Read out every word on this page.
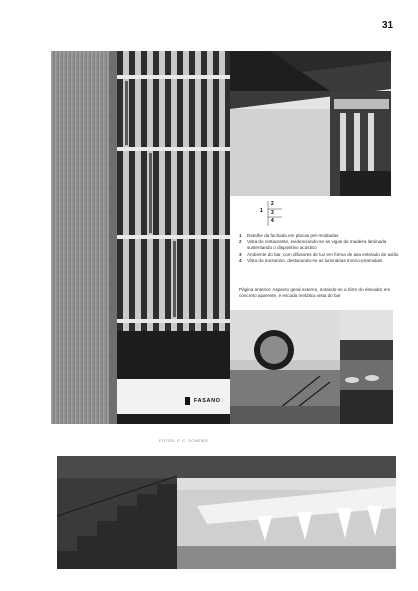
31
FASANO
1
2
3
4
1	Detalhe da fachada em placas pré-moldadas
2	Vista do restaurante, evidenciando-se as vigas de madeira laminada sustentando o dispositivo acústico
3	Ambiente do bar, com difusores de luz em forma de asa entelado de avião
4	Vista do mezanino, destacando-se as luminárias tronco-piramidais
Página anterior: Aspecto geral externo, notando-se a tôrre do elevador em concreto aparente, e escada metálica vista do bar
FOTOS: P. C. SCHEIER
